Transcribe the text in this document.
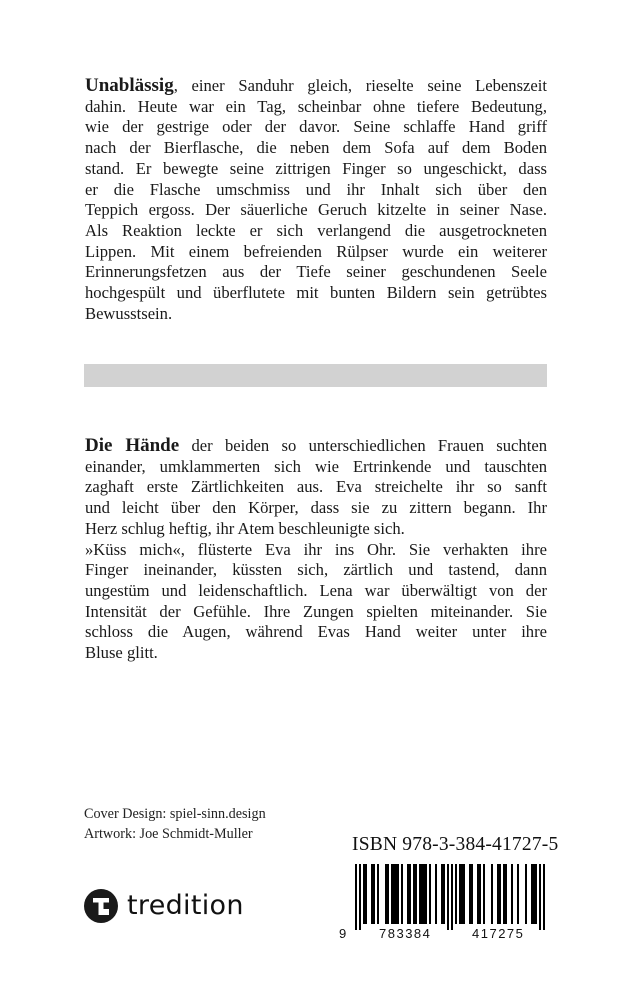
Unablässig, einer Sanduhr gleich, rieselte seine Lebenszeit
dahin. Heute war ein Tag, scheinbar ohne tiefere Bedeutung,
wie der gestrige oder der davor. Seine schlaffe Hand griff
nach der Bierflasche, die neben dem Sofa auf dem Boden
stand. Er bewegte seine zittrigen Finger so ungeschickt, dass
er die Flasche umschmiss und ihr Inhalt sich über den
Teppich ergoss. Der säuerliche Geruch kitzelte in seiner Nase.
Als Reaktion leckte er sich verlangend die ausgetrockneten
Lippen. Mit einem befreienden Rülpser wurde ein weiterer
Erinnerungsfetzen aus der Tiefe seiner geschundenen Seele
hochgespült und überflutete mit bunten Bildern sein getrübtes
Bewusstsein.
Die Hände der beiden so unterschiedlichen Frauen suchten
einander, umklammerten sich wie Ertrinkende und tauschten
zaghaft erste Zärtlichkeiten aus. Eva streichelte ihr so sanft
und leicht über den Körper, dass sie zu zittern begann. Ihr
Herz schlug heftig, ihr Atem beschleunigte sich.
»Küss mich«, flüsterte Eva ihr ins Ohr. Sie verhakten ihre
Finger ineinander, küssten sich, zärtlich und tastend, dann
ungestüm und leidenschaftlich. Lena war überwältigt von der
Intensität der Gefühle. Ihre Zungen spielten miteinander. Sie
schloss die Augen, während Evas Hand weiter unter ihre
Bluse glitt.
Cover Design: spiel-sinn.design
Artwork: Joe Schmidt-Muller
tredition
ISBN 978-3-384-41727-5
9	783384	417275
